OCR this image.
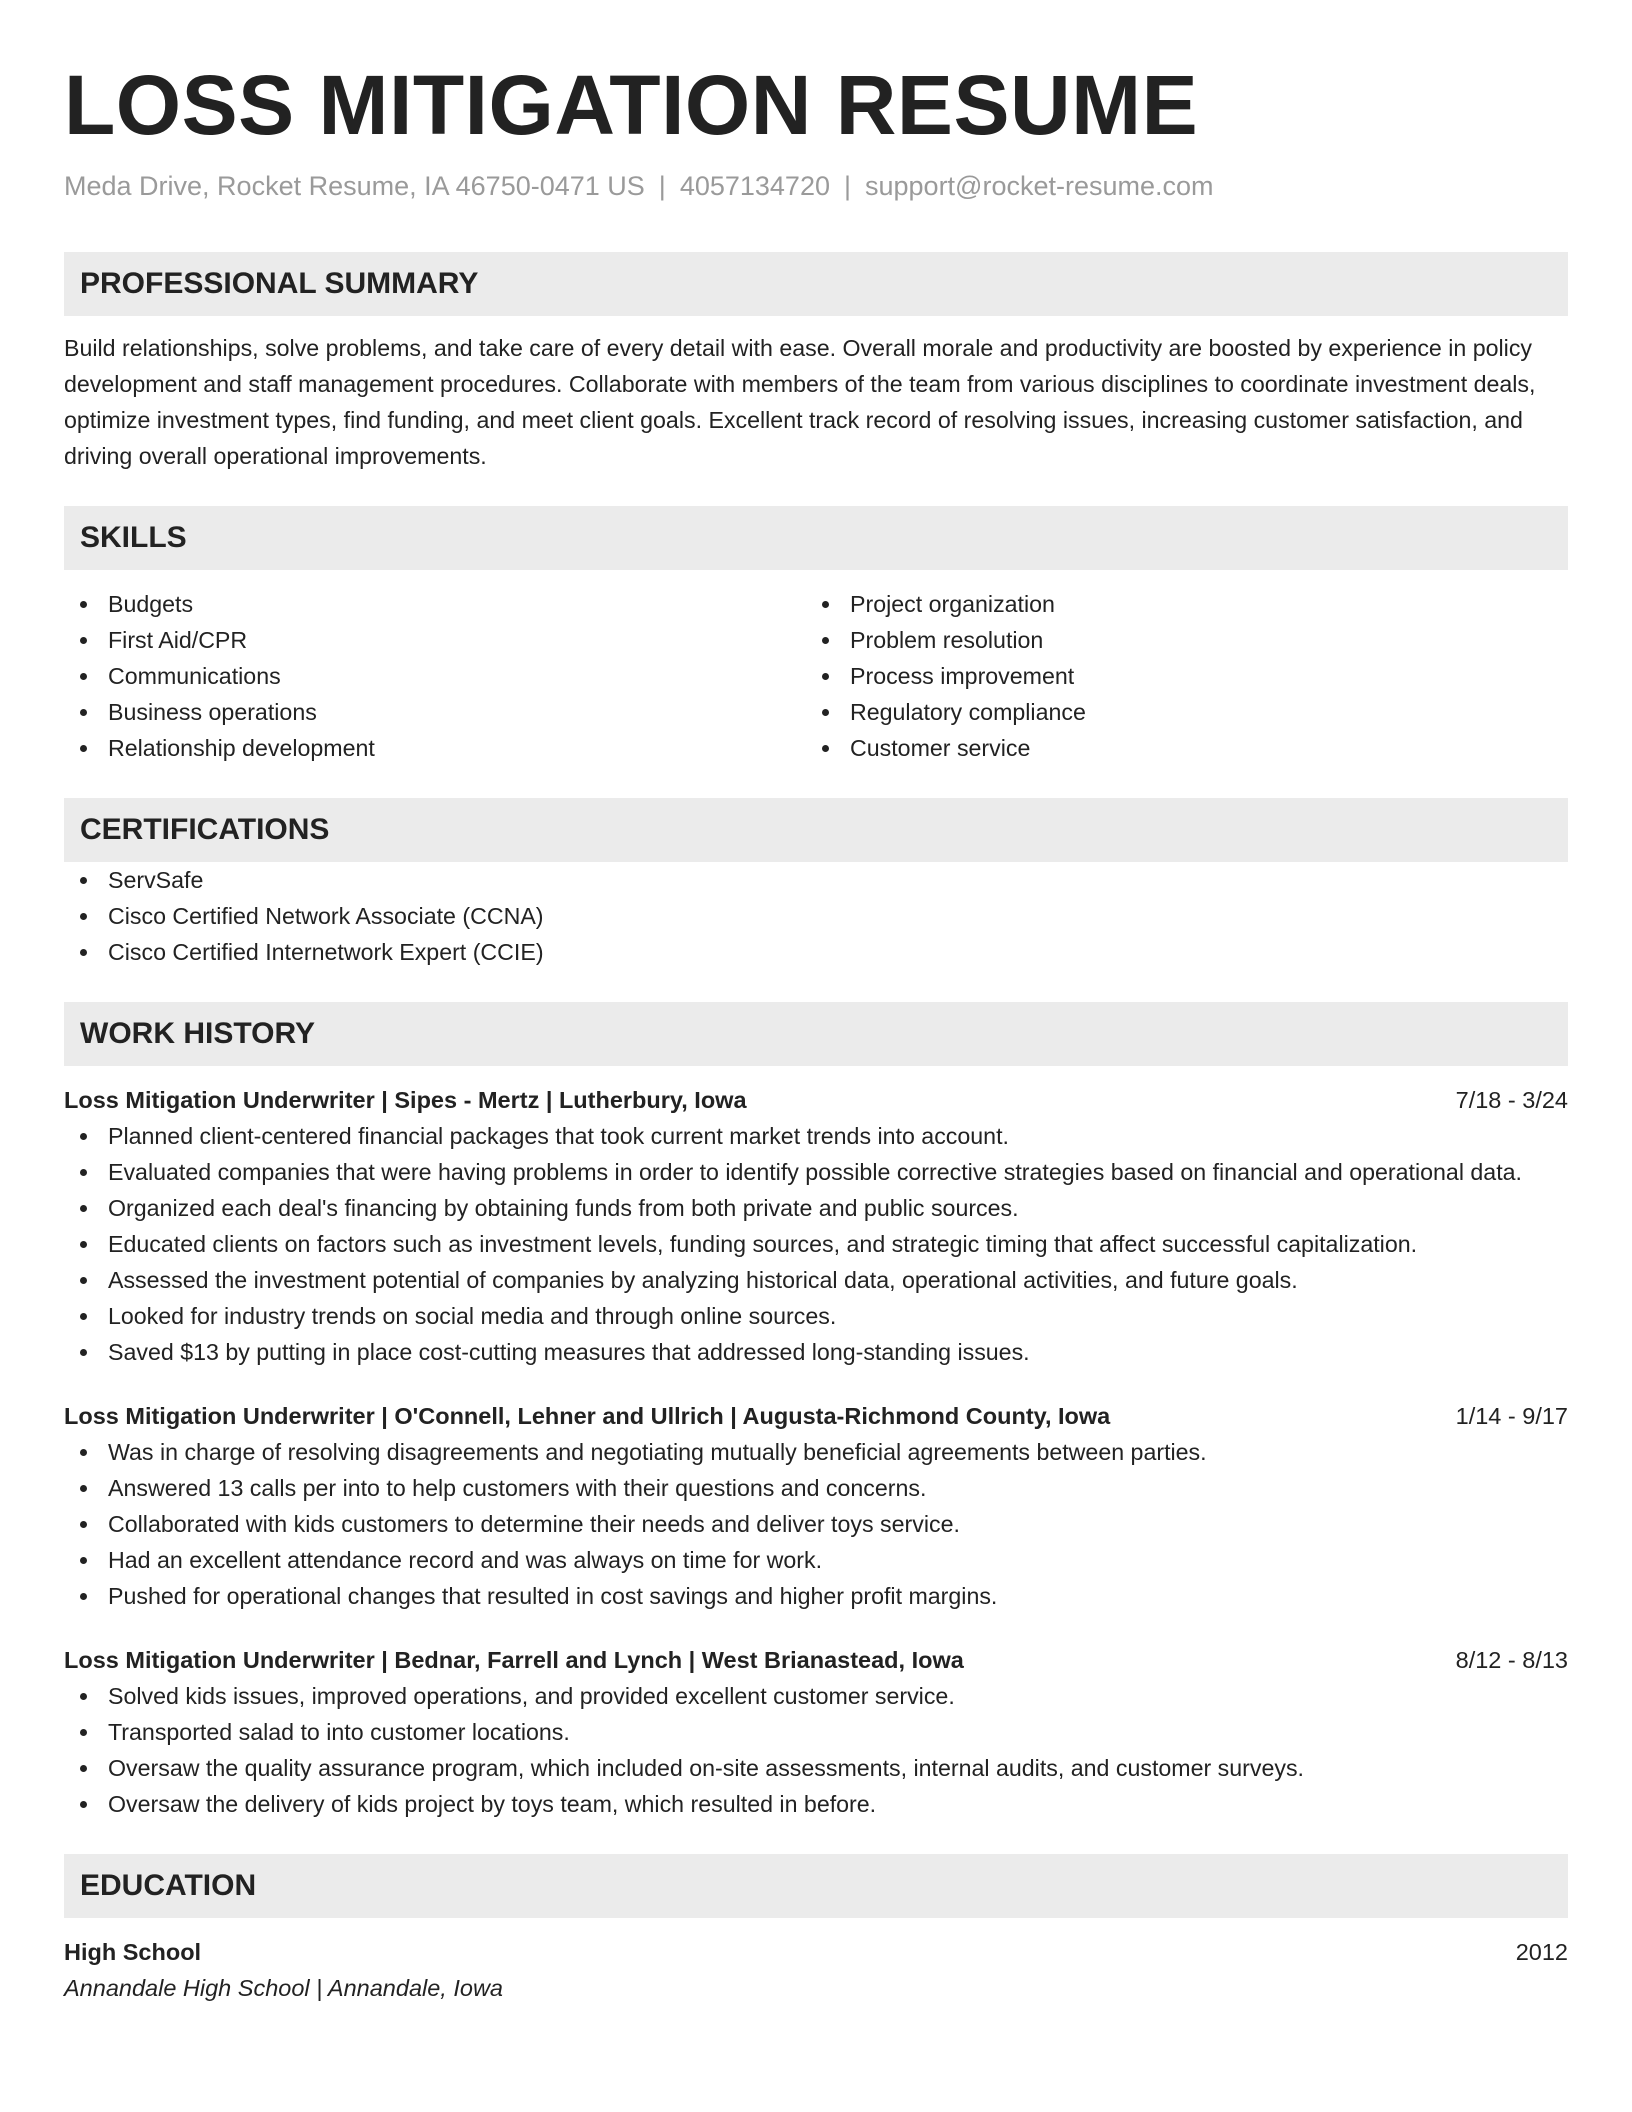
LOSS MITIGATION RESUME
Meda Drive, Rocket Resume, IA 46750-0471 US | 4057134720 | support@rocket-resume.com
PROFESSIONAL SUMMARY
Build relationships, solve problems, and take care of every detail with ease. Overall morale and productivity are boosted by experience in policy development and staff management procedures. Collaborate with members of the team from various disciplines to coordinate investment deals, optimize investment types, find funding, and meet client goals. Excellent track record of resolving issues, increasing customer satisfaction, and driving overall operational improvements.
SKILLS
Budgets
First Aid/CPR
Communications
Business operations
Relationship development
Project organization
Problem resolution
Process improvement
Regulatory compliance
Customer service
CERTIFICATIONS
ServSafe
Cisco Certified Network Associate (CCNA)
Cisco Certified Internetwork Expert (CCIE)
WORK HISTORY
Loss Mitigation Underwriter | Sipes - Mertz | Lutherbury, Iowa	7/18 - 3/24
Planned client-centered financial packages that took current market trends into account.
Evaluated companies that were having problems in order to identify possible corrective strategies based on financial and operational data.
Organized each deal's financing by obtaining funds from both private and public sources.
Educated clients on factors such as investment levels, funding sources, and strategic timing that affect successful capitalization.
Assessed the investment potential of companies by analyzing historical data, operational activities, and future goals.
Looked for industry trends on social media and through online sources.
Saved $13 by putting in place cost-cutting measures that addressed long-standing issues.
Loss Mitigation Underwriter | O'Connell, Lehner and Ullrich | Augusta-Richmond County, Iowa	1/14 - 9/17
Was in charge of resolving disagreements and negotiating mutually beneficial agreements between parties.
Answered 13 calls per into to help customers with their questions and concerns.
Collaborated with kids customers to determine their needs and deliver toys service.
Had an excellent attendance record and was always on time for work.
Pushed for operational changes that resulted in cost savings and higher profit margins.
Loss Mitigation Underwriter | Bednar, Farrell and Lynch | West Brianastead, Iowa	8/12 - 8/13
Solved kids issues, improved operations, and provided excellent customer service.
Transported salad to into customer locations.
Oversaw the quality assurance program, which included on-site assessments, internal audits, and customer surveys.
Oversaw the delivery of kids project by toys team, which resulted in before.
EDUCATION
High School	2012
Annandale High School | Annandale, Iowa
